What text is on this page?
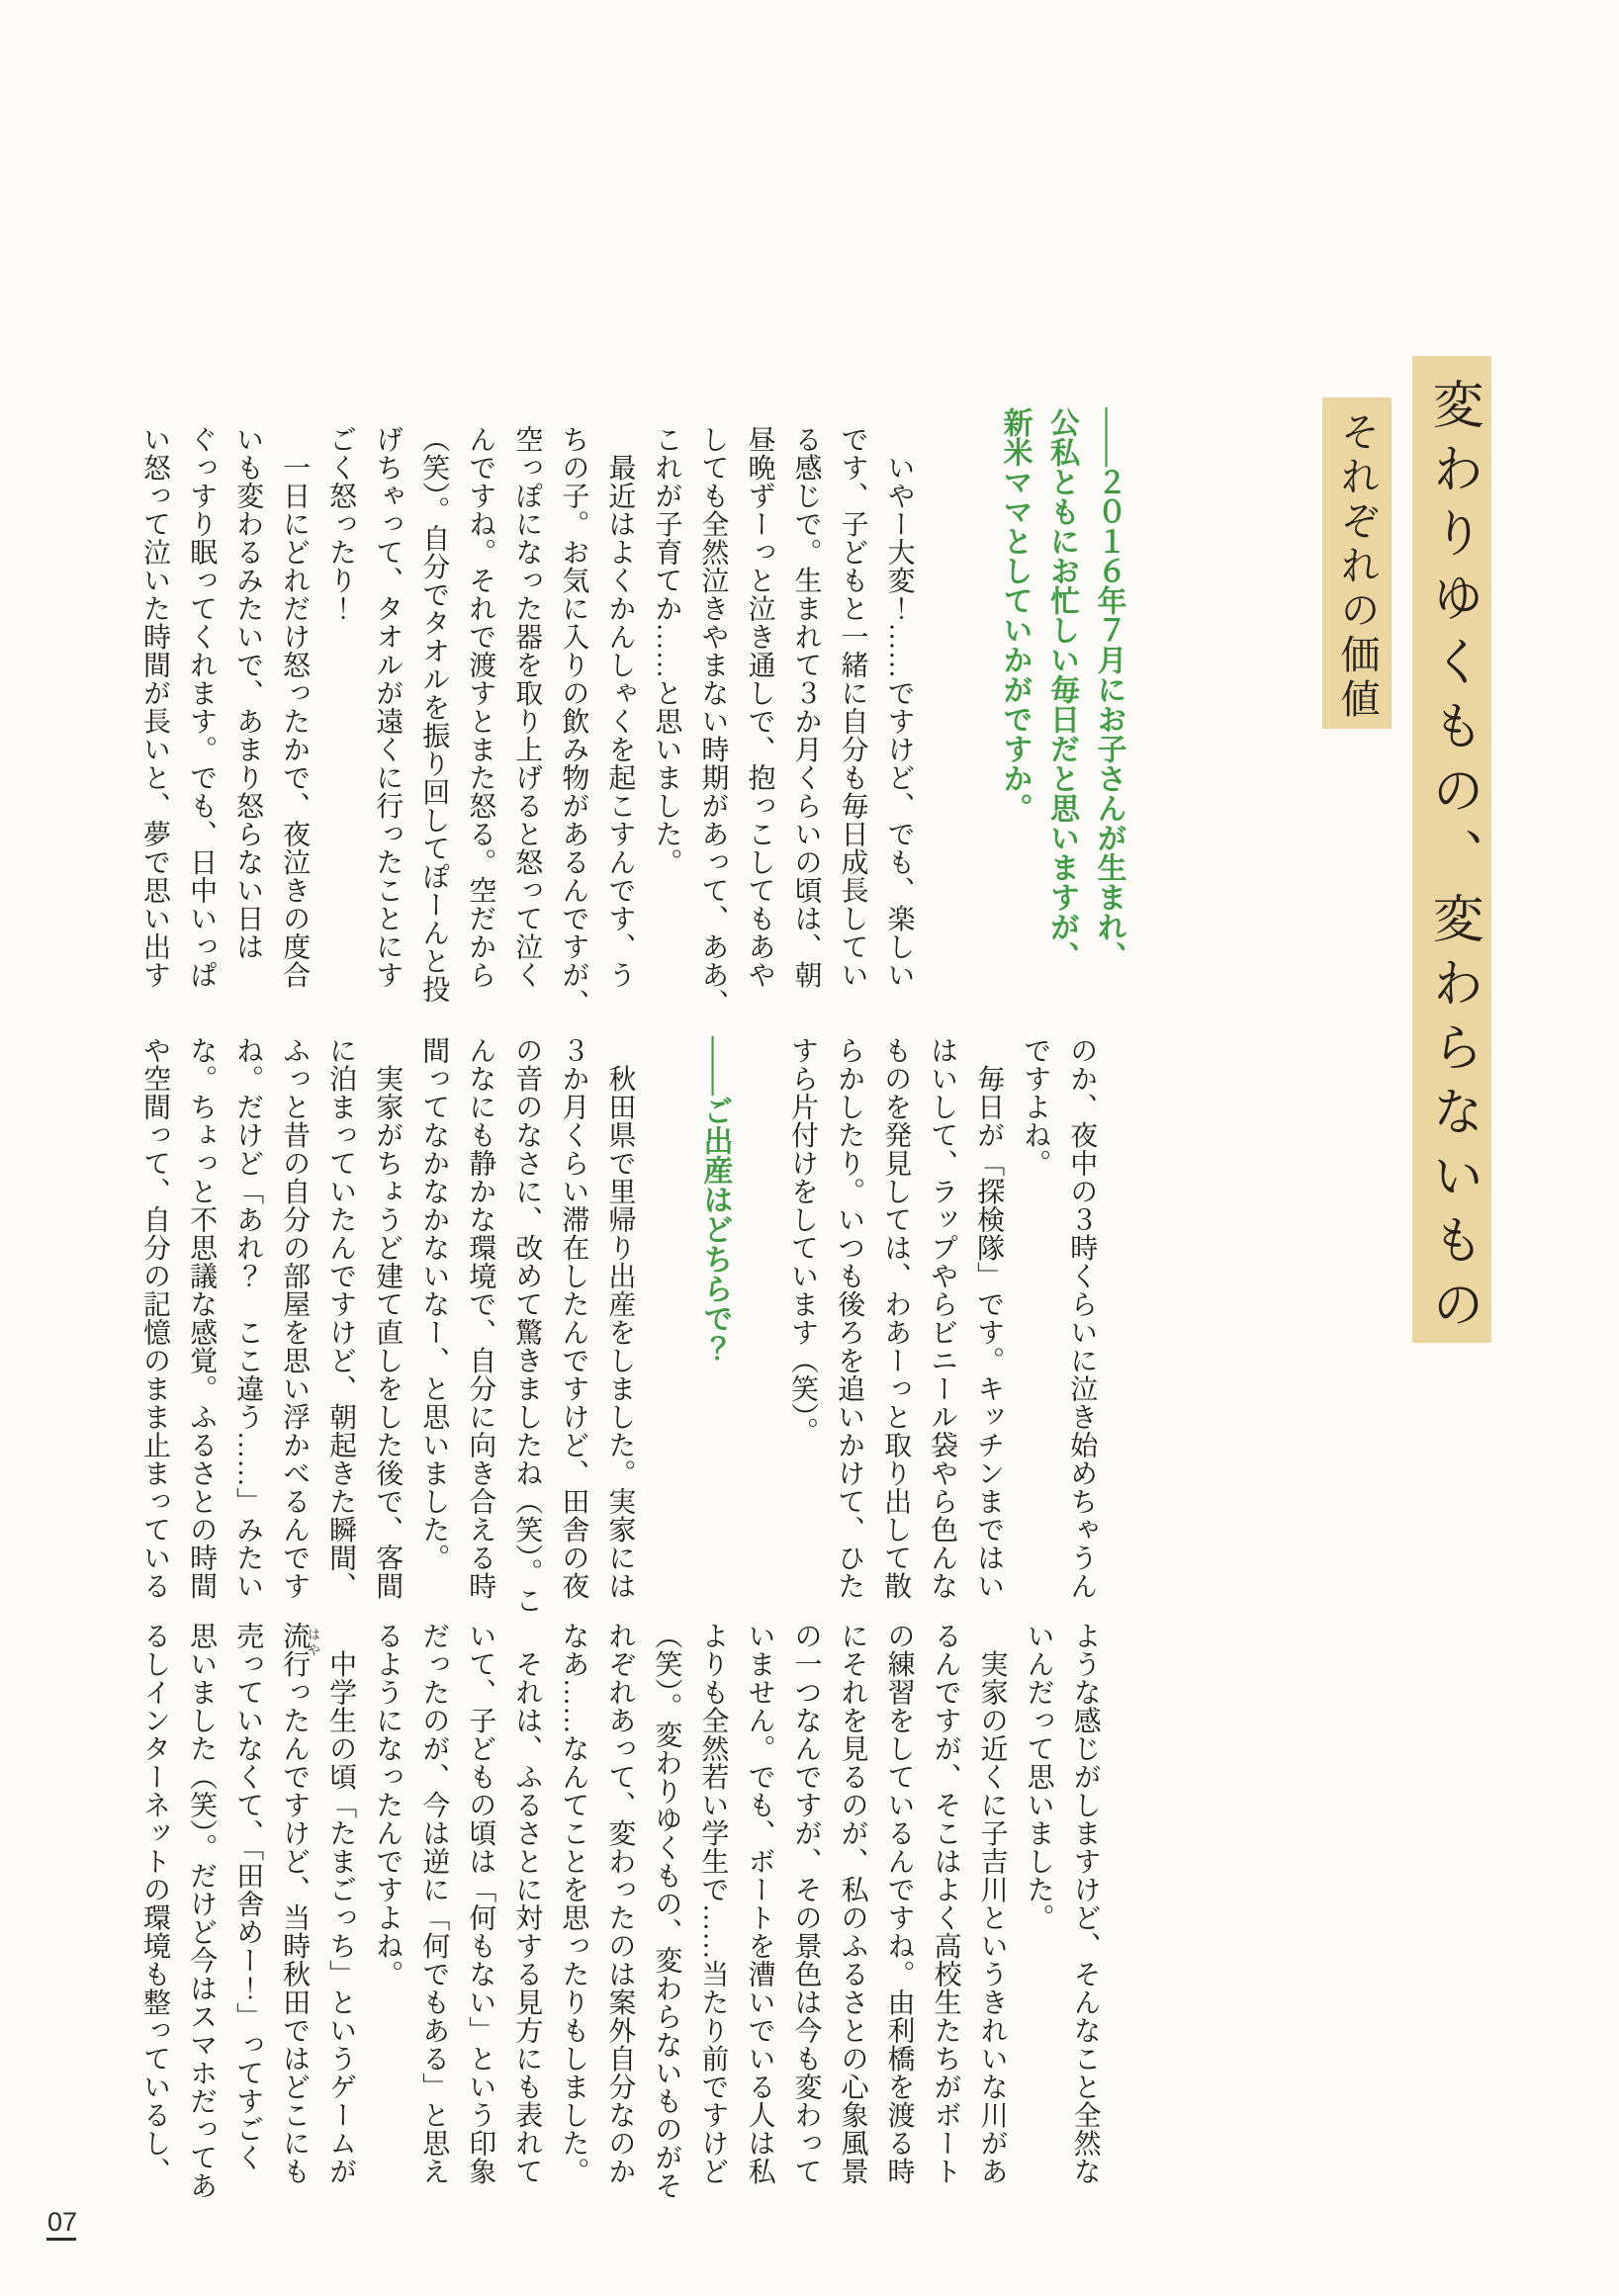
変わりゆくもの、変わらないもの
それぞれの価値
――２０１６年７月にお子さんが生まれ、
公私ともにお忙しい毎日だと思いますが、
新米ママとしていかがですか。
　いやー大変！……ですけど、でも、楽しい
です、子どもと一緒に自分も毎日成長してい
る感じで。生まれて３か月くらいの頃は、朝
昼晩ずーっと泣き通しで、抱っこしてもあや
しても全然泣きやまない時期があって、ああ、
これが子育てか……と思いました。
　最近はよくかんしゃくを起こすんです、う
ちの子。お気に入りの飲み物があるんですが、
空っぽになった器を取り上げると怒って泣く
んですね。それで渡すとまた怒る。空だから
（笑）。自分でタオルを振り回してぽーんと投
げちゃって、タオルが遠くに行ったことにす
ごく怒ったり！
　一日にどれだけ怒ったかで、夜泣きの度合
いも変わるみたいで、あまり怒らない日は
ぐっすり眠ってくれます。でも、日中いっぱ
い怒って泣いた時間が長いと、夢で思い出す
のか、夜中の３時くらいに泣き始めちゃうん
ですよね。
　毎日が「探検隊」です。キッチンまではい
はいして、ラップやらビニール袋やら色んな
ものを発見しては、わあーっと取り出して散
らかしたり。いつも後ろを追いかけて、ひた
すら片付けをしています（笑）。
――ご出産はどちらで？
　秋田県で里帰り出産をしました。実家には
３か月くらい滞在したんですけど、田舎の夜
の音のなさに、改めて驚きましたね（笑）。こ
んなにも静かな環境で、自分に向き合える時
間ってなかなかないなー、と思いました。
　実家がちょうど建て直しをした後で、客間
に泊まっていたんですけど、朝起きた瞬間、
ふっと昔の自分の部屋を思い浮かべるんです
ね。だけど「あれ？　ここ違う……」みたい
な。ちょっと不思議な感覚。ふるさとの時間
や空間って、自分の記憶のまま止まっている
ような感じがしますけど、そんなこと全然な
いんだって思いました。
　実家の近くに子吉川というきれいな川があ
るんですが、そこはよく高校生たちがボート
の練習をしているんですね。由利橋を渡る時
にそれを見るのが、私のふるさとの心象風景
の一つなんですが、その景色は今も変わって
いません。でも、ボートを漕いでいる人は私
よりも全然若い学生で……当たり前ですけど
（笑）。変わりゆくもの、変わらないものがそ
れぞれあって、変わったのは案外自分なのか
なあ……なんてことを思ったりもしました。
　それは、ふるさとに対する見方にも表れて
いて、子どもの頃は「何もない」という印象
だったのが、今は逆に「何でもある」と思え
るようになったんですよね。
　中学生の頃「たまごっち」というゲームが
流行ったんですけど、当時秋田ではどこにも
売っていなくて、「田舎めー！」ってすごく
思いました（笑）。だけど今はスマホだってあ
るしインターネットの環境も整っているし、	はや
07
